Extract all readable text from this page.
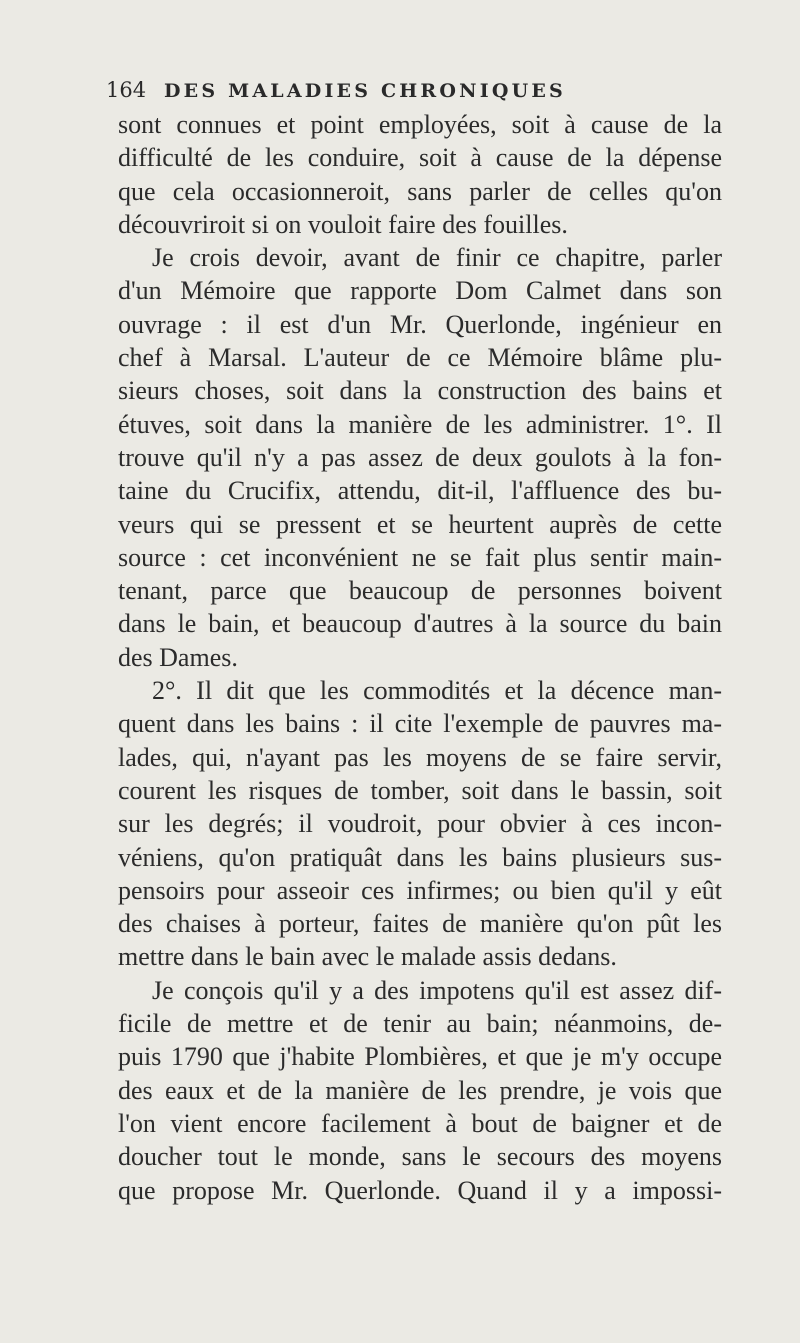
164 DES MALADIES CHRONIQUES
sont connues et point employées, soit à cause de la
difficulté de les conduire, soit à cause de la dépense
que cela occasionneroit, sans parler de celles qu'on
découvriroit si on vouloit faire des fouilles.
Je crois devoir, avant de finir ce chapitre, parler
d'un Mémoire que rapporte Dom Calmet dans son
ouvrage : il est d'un Mr. Querlonde, ingénieur en
chef à Marsal. L'auteur de ce Mémoire blâme plu-
sieurs choses, soit dans la construction des bains et
étuves, soit dans la manière de les administrer. 1°. Il
trouve qu'il n'y a pas assez de deux goulots à la fon-
taine du Crucifix, attendu, dit-il, l'affluence des bu-
veurs qui se pressent et se heurtent auprès de cette
source : cet inconvénient ne se fait plus sentir main-
tenant, parce que beaucoup de personnes boivent
dans le bain, et beaucoup d'autres à la source du bain
des Dames.
2°. Il dit que les commodités et la décence man-
quent dans les bains : il cite l'exemple de pauvres ma-
lades, qui, n'ayant pas les moyens de se faire servir,
courent les risques de tomber, soit dans le bassin, soit
sur les degrés; il voudroit, pour obvier à ces incon-
véniens, qu'on pratiquât dans les bains plusieurs sus-
pensoirs pour asseoir ces infirmes; ou bien qu'il y eût
des chaises à porteur, faites de manière qu'on pût les
mettre dans le bain avec le malade assis dedans.
Je conçois qu'il y a des impotens qu'il est assez dif-
ficile de mettre et de tenir au bain; néanmoins, de-
puis 1790 que j'habite Plombières, et que je m'y occupe
des eaux et de la manière de les prendre, je vois que
l'on vient encore facilement à bout de baigner et de
doucher tout le monde, sans le secours des moyens
que propose Mr. Querlonde. Quand il y a impossi-
